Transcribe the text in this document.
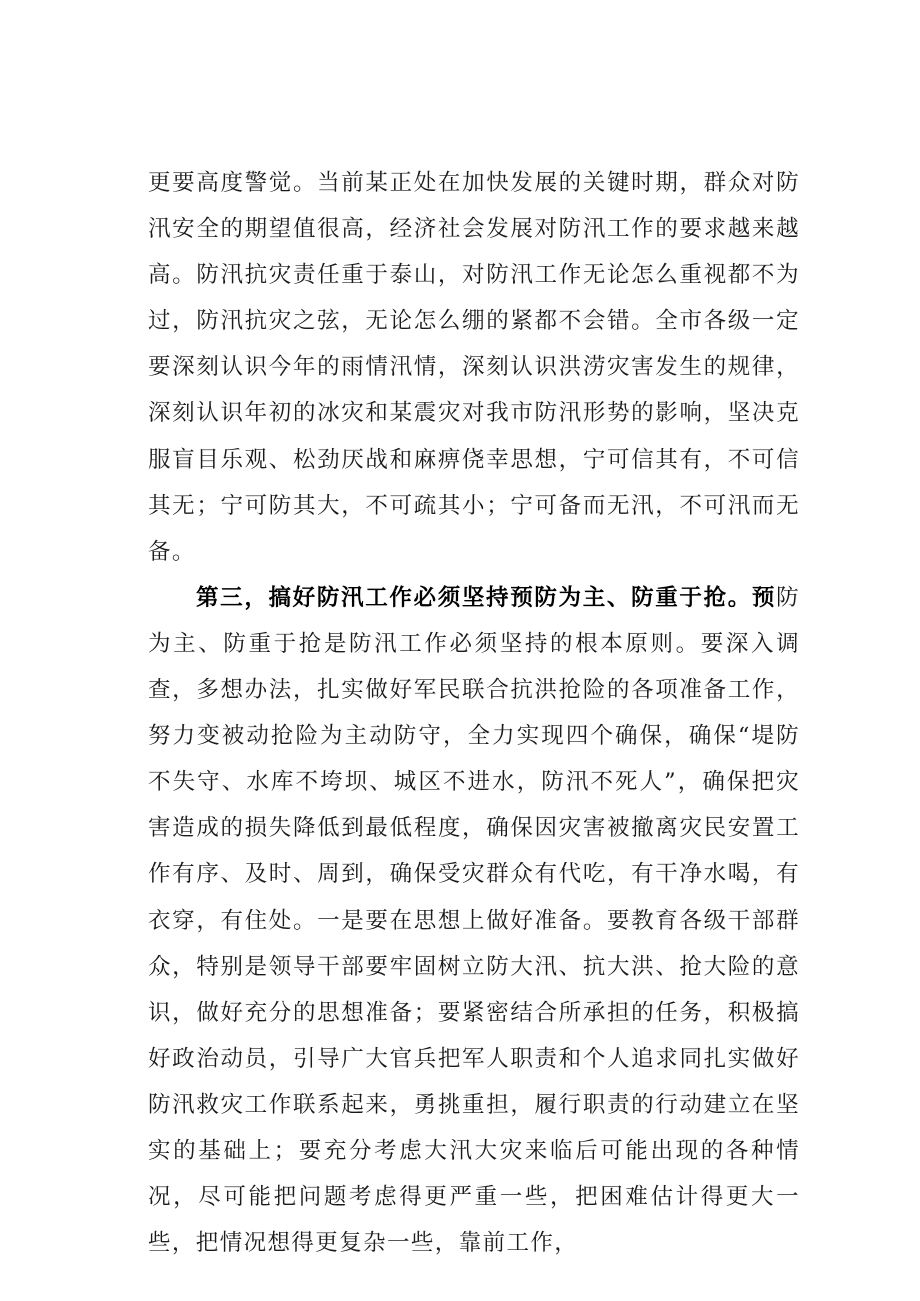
更要高度警觉。当前某正处在加快发展的关键时期，群众对防汛安全的期望值很高，经济社会发展对防汛工作的要求越来越高。防汛抗灾责任重于泰山，对防汛工作无论怎么重视都不为过，防汛抗灾之弦，无论怎么绷的紧都不会错。全市各级一定要深刻认识今年的雨情汛情，深刻认识洪涝灾害发生的规律，深刻认识年初的冰灾和某震灾对我市防汛形势的影响，坚决克服盲目乐观、松劲厌战和麻痹侥幸思想，宁可信其有，不可信其无；宁可防其大，不可疏其小；宁可备而无汛，不可汛而无备。

第三，搞好防汛工作必须坚持预防为主、防重于抢。预防为主、防重于抢是防汛工作必须坚持的根本原则。要深入调查，多想办法，扎实做好军民联合抗洪抢险的各项准备工作，努力变被动抢险为主动防守，全力实现四个确保，确保“堤防不失守、水库不垮坝、城区不进水，防汛不死人”，确保把灾害造成的损失降低到最低程度，确保因灾害被撤离灾民安置工作有序、及时、周到，确保受灾群众有代吃，有干净水喝，有衣穿，有住处。一是要在思想上做好准备。要教育各级干部群众，特别是领导干部要牢固树立防大汛、抗大洪、抢大险的意识，做好充分的思想准备；要紧密结合所承担的任务，积极搞好政治动员，引导广大官兵把军人职责和个人追求同扎实做好防汛救灾工作联系起来，勇挑重担，履行职责的行动建立在坚实的基础上；要充分考虑大汛大灾来临后可能出现的各种情况，尽可能把问题考虑得更严重一些，把困难估计得更大一些，把情况想得更复杂一些，靠前工作，
